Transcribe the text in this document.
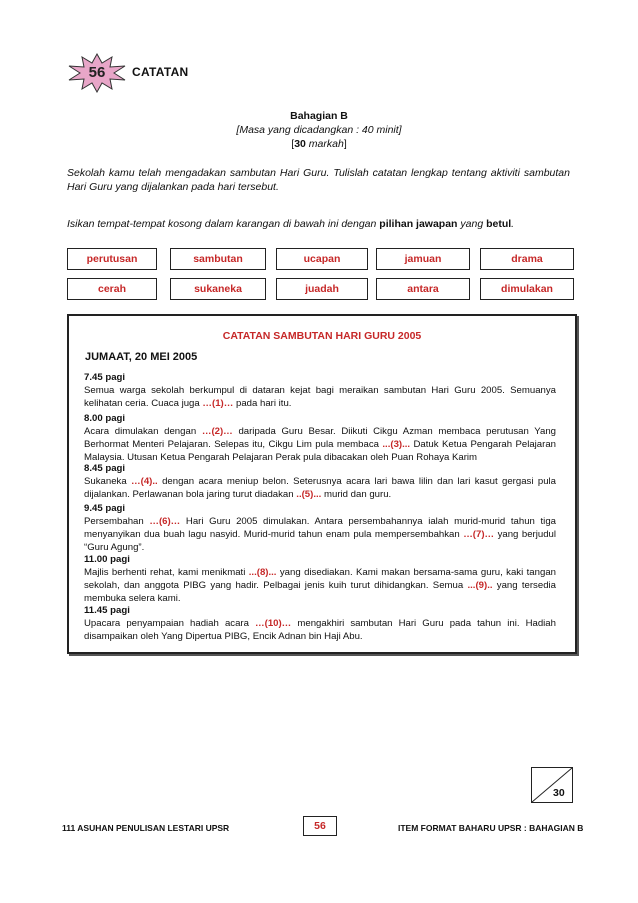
56	CATATAN
Bahagian B
[Masa yang dicadangkan : 40 minit]
[30 markah]
Sekolah kamu telah mengadakan sambutan Hari Guru. Tulislah catatan lengkap tentang aktiviti sambutan Hari Guru yang dijalankan pada hari tersebut.
Isikan tempat-tempat kosong dalam karangan di bawah ini dengan pilihan jawapan yang betul.
perutusan	sambutan	ucapan	jamuan	drama
cerah	sukaneka	juadah	antara	dimulakan
CATATAN SAMBUTAN HARI GURU 2005
JUMAAT, 20 MEI 2005
7.45 pagi
Semua warga sekolah berkumpul di dataran kejat bagi meraikan sambutan Hari Guru 2005. Semuanya kelihatan ceria. Cuaca juga …(1)… pada hari itu.
8.00 pagi
Acara dimulakan dengan …(2)… daripada Guru Besar. Diikuti Cikgu Azman membaca perutusan Yang Berhormat Menteri Pelajaran. Selepas itu, Cikgu Lim pula membaca ...(3)... Datuk Ketua Pengarah Pelajaran Malaysia. Utusan Ketua Pengarah Pelajaran Perak pula dibacakan oleh Puan Rohaya Karim
8.45 pagi
Sukaneka …(4).. dengan acara meniup belon. Seterusnya acara lari bawa lilin dan lari kasut gergasi pula dijalankan. Perlawanan bola jaring turut diadakan ..(5)... murid dan guru.
9.45 pagi
Persembahan …(6)… Hari Guru 2005 dimulakan. Antara persembahannya ialah murid-murid tahun tiga menyanyikan dua buah lagu nasyid. Murid-murid tahun enam pula mempersembahkan …(7)… yang berjudul “Guru Agung”.
11.00 pagi
Majlis berhenti rehat, kami menikmati ...(8)... yang disediakan. Kami makan bersama-sama guru, kaki tangan sekolah, dan anggota PIBG yang hadir. Pelbagai jenis kuih turut dihidangkan. Semua ...(9).. yang tersedia membuka selera kami.
11.45 pagi
Upacara penyampaian hadiah acara …(10)… mengakhiri sambutan Hari Guru pada tahun ini. Hadiah disampaikan oleh Yang Dipertua PIBG, Encik Adnan bin Haji Abu.
30
111 ASUHAN PENULISAN LESTARI UPSR	56	ITEM FORMAT BAHARU UPSR : BAHAGIAN B
